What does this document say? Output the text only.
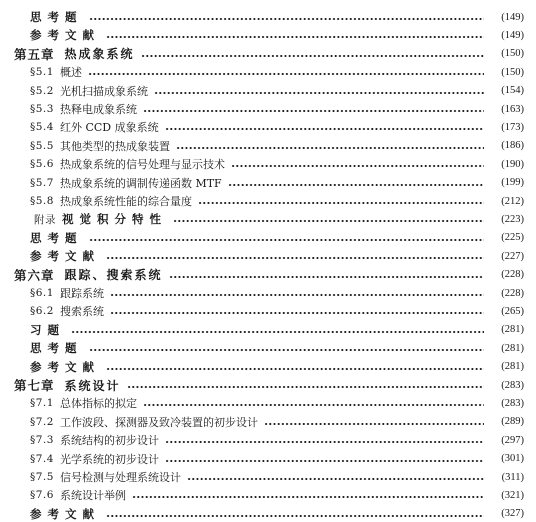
思考题	(149)
参考文献	(149)
第五章 热成象系统	(150)
§5.1 概述	(150)
§5.2 光机扫描成象系统	(154)
§5.3 热释电成象系统	(163)
§5.4 红外 CCD 成象系统	(173)
§5.5 其他类型的热成象装置	(186)
§5.6 热成象系统的信号处理与显示技术	(190)
§5.7 热成象系统的调制传递函数 MTF	(199)
§5.8 热成象系统性能的综合量度	(212)
附录 视觉积分特性	(223)
思考题	(225)
参考文献	(227)
第六章 跟踪、搜索系统	(228)
§6.1 跟踪系统	(228)
§6.2 搜索系统	(265)
习题	(281)
思考题	(281)
参考文献	(281)
第七章 系统设计	(283)
§7.1 总体指标的拟定	(283)
§7.2 工作波段、探测器及致冷装置的初步设计	(289)
§7.3 系统结构的初步设计	(297)
§7.4 光学系统的初步设计	(301)
§7.5 信号检测与处理系统设计	(311)
§7.6 系统设计举例	(321)
参考文献	(327)
